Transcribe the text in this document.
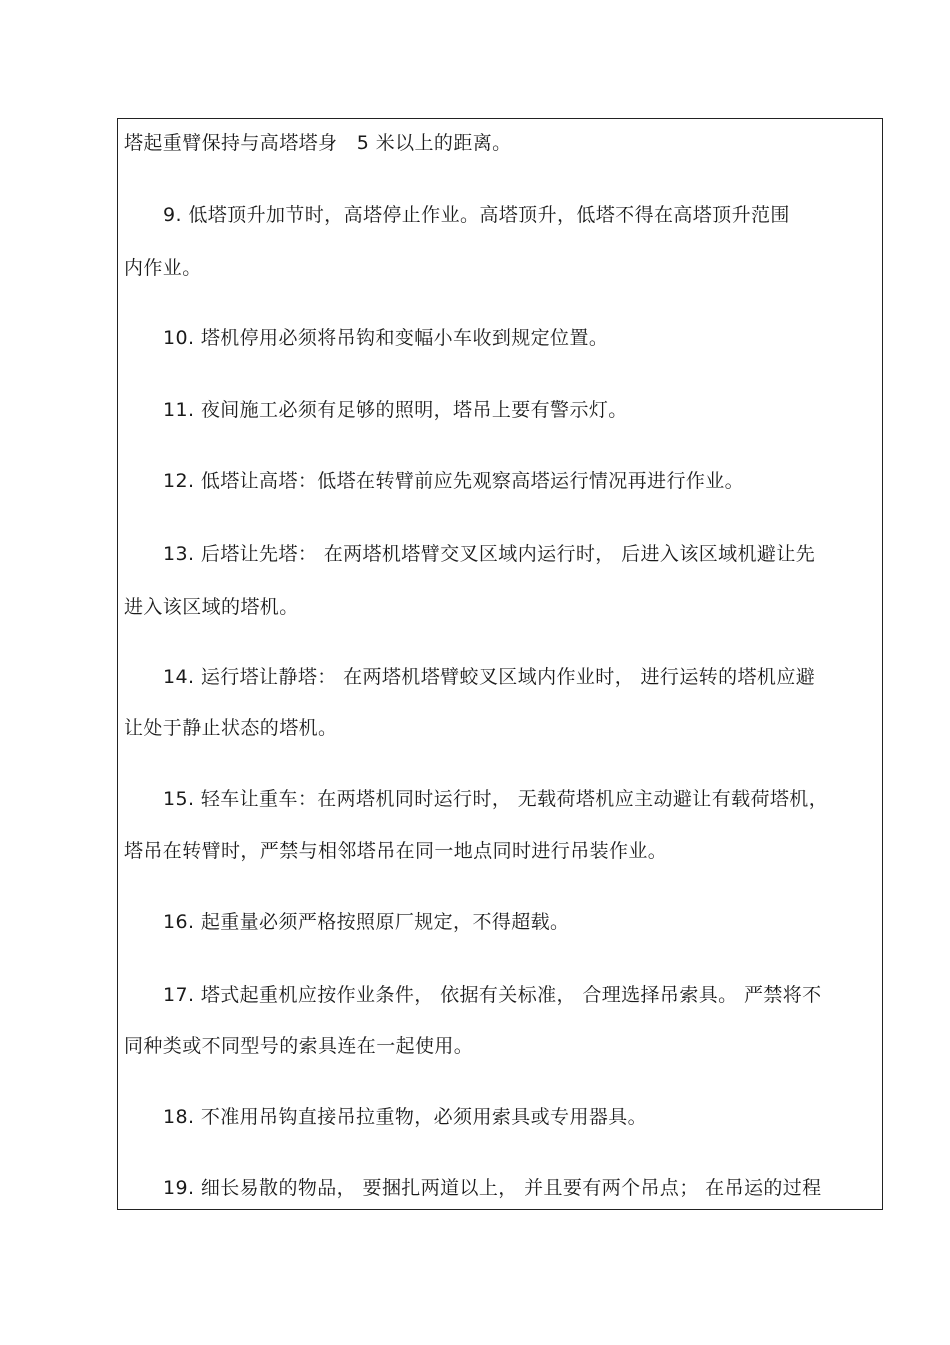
塔起重臂保持与高塔塔身　5 米以上的距离。
9. 低塔顶升加节时，高塔停止作业。高塔顶升，低塔不得在高塔顶升范围
内作业。
10. 塔机停用必须将吊钩和变幅小车收到规定位置。
11. 夜间施工必须有足够的照明，塔吊上要有警示灯。
12. 低塔让高塔：低塔在转臂前应先观察高塔运行情况再进行作业。
13. 后塔让先塔： 在两塔机塔臂交叉区域内运行时， 后进入该区域机避让先
进入该区域的塔机。
14. 运行塔让静塔： 在两塔机塔臂蛟叉区域内作业时， 进行运转的塔机应避
让处于静止状态的塔机。
15. 轻车让重车：在两塔机同时运行时， 无载荷塔机应主动避让有载荷塔机，
塔吊在转臂时，严禁与相邻塔吊在同一地点同时进行吊装作业。
16. 起重量必须严格按照原厂规定，不得超载。
17. 塔式起重机应按作业条件， 依据有关标准， 合理选择吊索具。 严禁将不
同种类或不同型号的索具连在一起使用。
18. 不准用吊钩直接吊拉重物，必须用索具或专用器具。
19. 细长易散的物品， 要捆扎两道以上， 并且要有两个吊点； 在吊运的过程
